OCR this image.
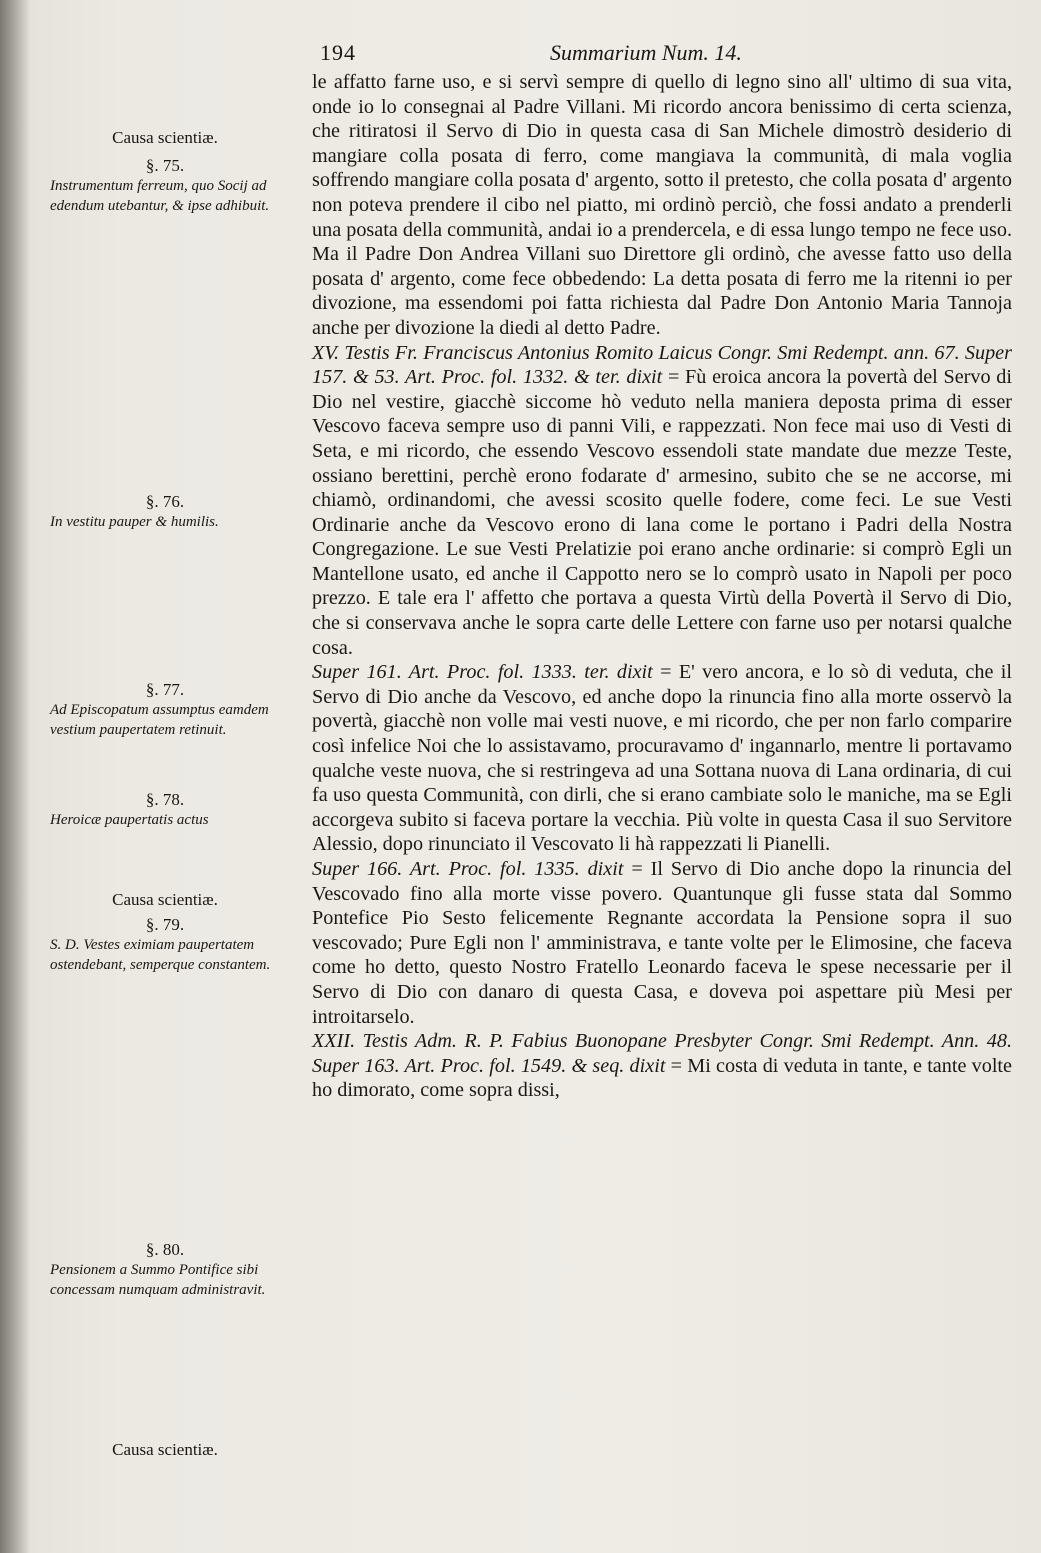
194	Summarium Num. 14.
Causa scientiæ.
§. 75.
Instrumentum ferreum, quo Socij ad edendum utebantur, & ipse adhibuit.
§. 76.
In vestitu pauper & humilis.
§. 77.
Ad Episcopatum assumptus eamdem vestium paupertatem retinuit.
§. 78.
Heroicæ paupertatis actus
Causa scientiæ.
§. 79.
S. D. Vestes eximiam paupertatem ostendebant, semperque constantem.
§. 80.
Pensionem a Summo Pontifice sibi concessam numquam administravit.
Causa scientiæ.

le affatto farne uso, e si servì sempre di quello di legno sino all' ultimo di sua vita, onde io lo consegnai al Padre Villani. Mi ricordo ancora benissimo di certa scienza, che ritiratosi il Servo di Dio in questa casa di San Michele dimostrò desiderio di mangiare colla posata di ferro, come mangiava la communità, di mala voglia soffrendo mangiare colla posata d' argento, sotto il pretesto, che colla posata d' argento non poteva prendere il cibo nel piatto, mi ordinò perciò, che fossi andato a prenderli una posata della communità, andai io a prendercela, e di essa lungo tempo ne fece uso. Ma il Padre Don Andrea Villani suo Direttore gli ordinò, che avesse fatto uso della posata d' argento, come fece obbedendo: La detta posata di ferro me la ritenni io per divozione, ma essendomi poi fatta richiesta dal Padre Don Antonio Maria Tannoja anche per divozione la diedi al detto Padre.

XV. Testis Fr. Franciscus Antonius Romito Laicus Congr. Smi Redempt. ann. 67. Super 157. & 53. Art. Proc. fol. 1332. & ter. dixit = Fù eroica ancora la povertà del Servo di Dio nel vestire, giacchè siccome hò veduto nella maniera deposta prima di esser Vescovo faceva sempre uso di panni Vili, e rappezzati. Non fece mai uso di Vesti di Seta, e mi ricordo, che essendo Vescovo essendoli state mandate due mezze Teste, ossiano berettini, perchè erono fodarate d' armesino, subito che se ne accorse, mi chiamò, ordinandomi, che avessi scosito quelle fodere, come feci. Le sue Vesti Ordinarie anche da Vescovo erono di lana come le portano i Padri della Nostra Congregazione. Le sue Vesti Prelatizie poi erano anche ordinarie: si comprò Egli un Mantellone usato, ed anche il Cappotto nero se lo comprò usato in Napoli per poco prezzo. E tale era l' affetto che portava a questa Virtù della Povertà il Servo di Dio, che si conservava anche le sopra carte delle Lettere con farne uso per notarsi qualche cosa.

Super 161. Art. Proc. fol. 1333. ter. dixit = E' vero ancora, e lo sò di veduta, che il Servo di Dio anche da Vescovo, ed anche dopo la rinuncia fino alla morte osservò la povertà, giacchè non volle mai vesti nuove, e mi ricordo, che per non farlo comparire così infelice Noi che lo assistavamo, procuravamo d' ingannarlo, mentre li portavamo qualche veste nuova, che si restringeva ad una Sottana nuova di Lana ordinaria, di cui fa uso questa Communità, con dirli, che si erano cambiate solo le maniche, ma se Egli accorgeva subito si faceva portare la vecchia. Più volte in questa Casa il suo Servitore Alessio, dopo rinunciato il Vescovato li hà rappezzati li Pianelli.

Super 166. Art. Proc. fol. 1335. dixit = Il Servo di Dio anche dopo la rinuncia del Vescovado fino alla morte visse povero. Quantunque gli fusse stata dal Sommo Pontefice Pio Sesto felicemente Regnante accordata la Pensione sopra il suo vescovado; Pure Egli non l' amministrava, e tante volte per le Elimosine, che faceva come ho detto, questo Nostro Fratello Leonardo faceva le spese necessarie per il Servo di Dio con danaro di questa Casa, e doveva poi aspettare più Mesi per introitarselo.

XXII. Testis Adm. R. P. Fabius Buonopane Presbyter Congr. Smi Redempt. Ann. 48. Super 163. Art. Proc. fol. 1549. & seq. dixit = Mi costa di veduta in tante, e tante volte ho dimorato, come sopra dissi,
